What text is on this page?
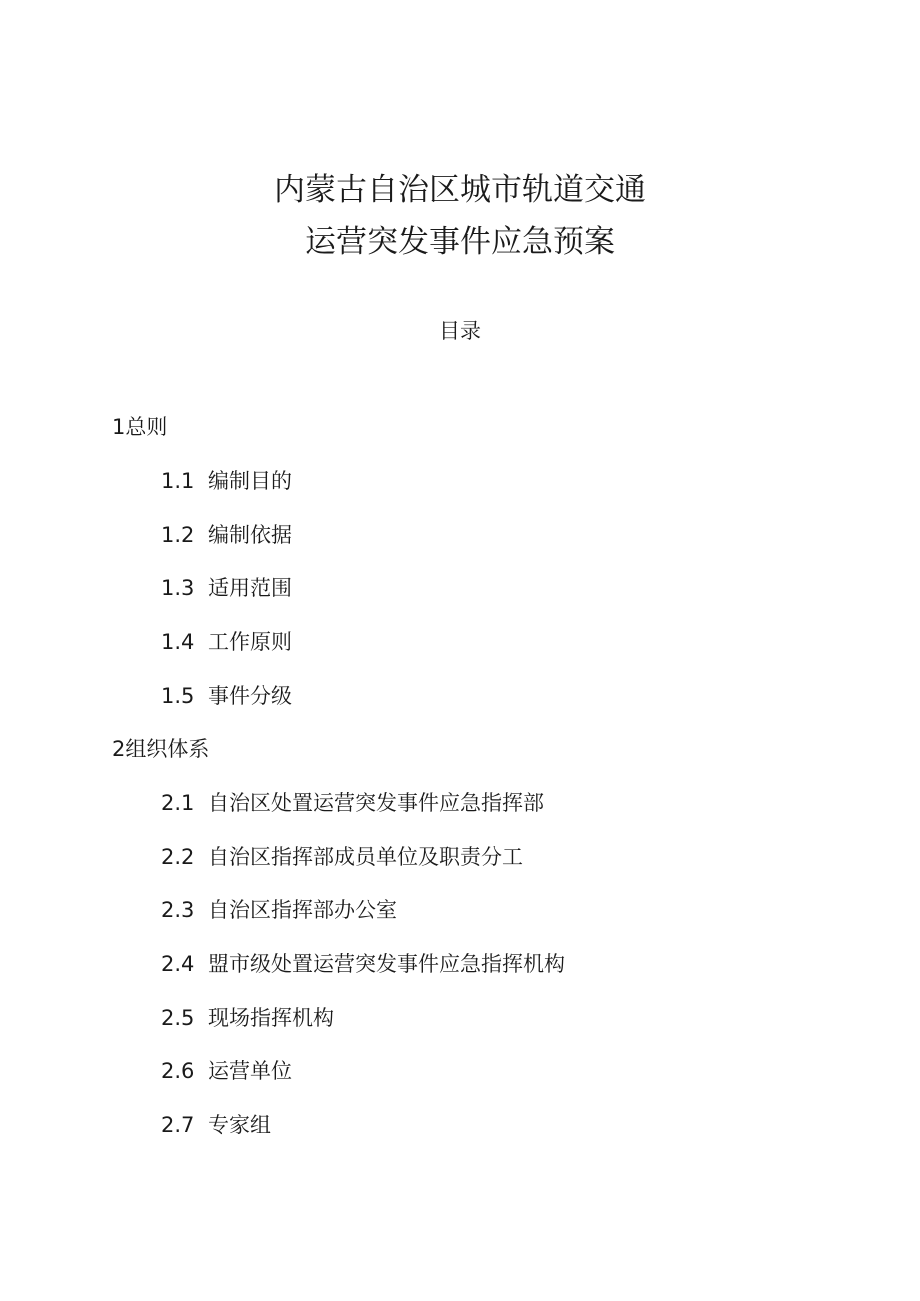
内蒙古自治区城市轨道交通
运营突发事件应急预案
目录
1总则
1.1 编制目的
1.2 编制依据
1.3 适用范围
1.4 工作原则
1.5 事件分级
2组织体系
2.1 自治区处置运营突发事件应急指挥部
2.2 自治区指挥部成员单位及职责分工
2.3 自治区指挥部办公室
2.4 盟市级处置运营突发事件应急指挥机构
2.5 现场指挥机构
2.6 运营单位
2.7 专家组
